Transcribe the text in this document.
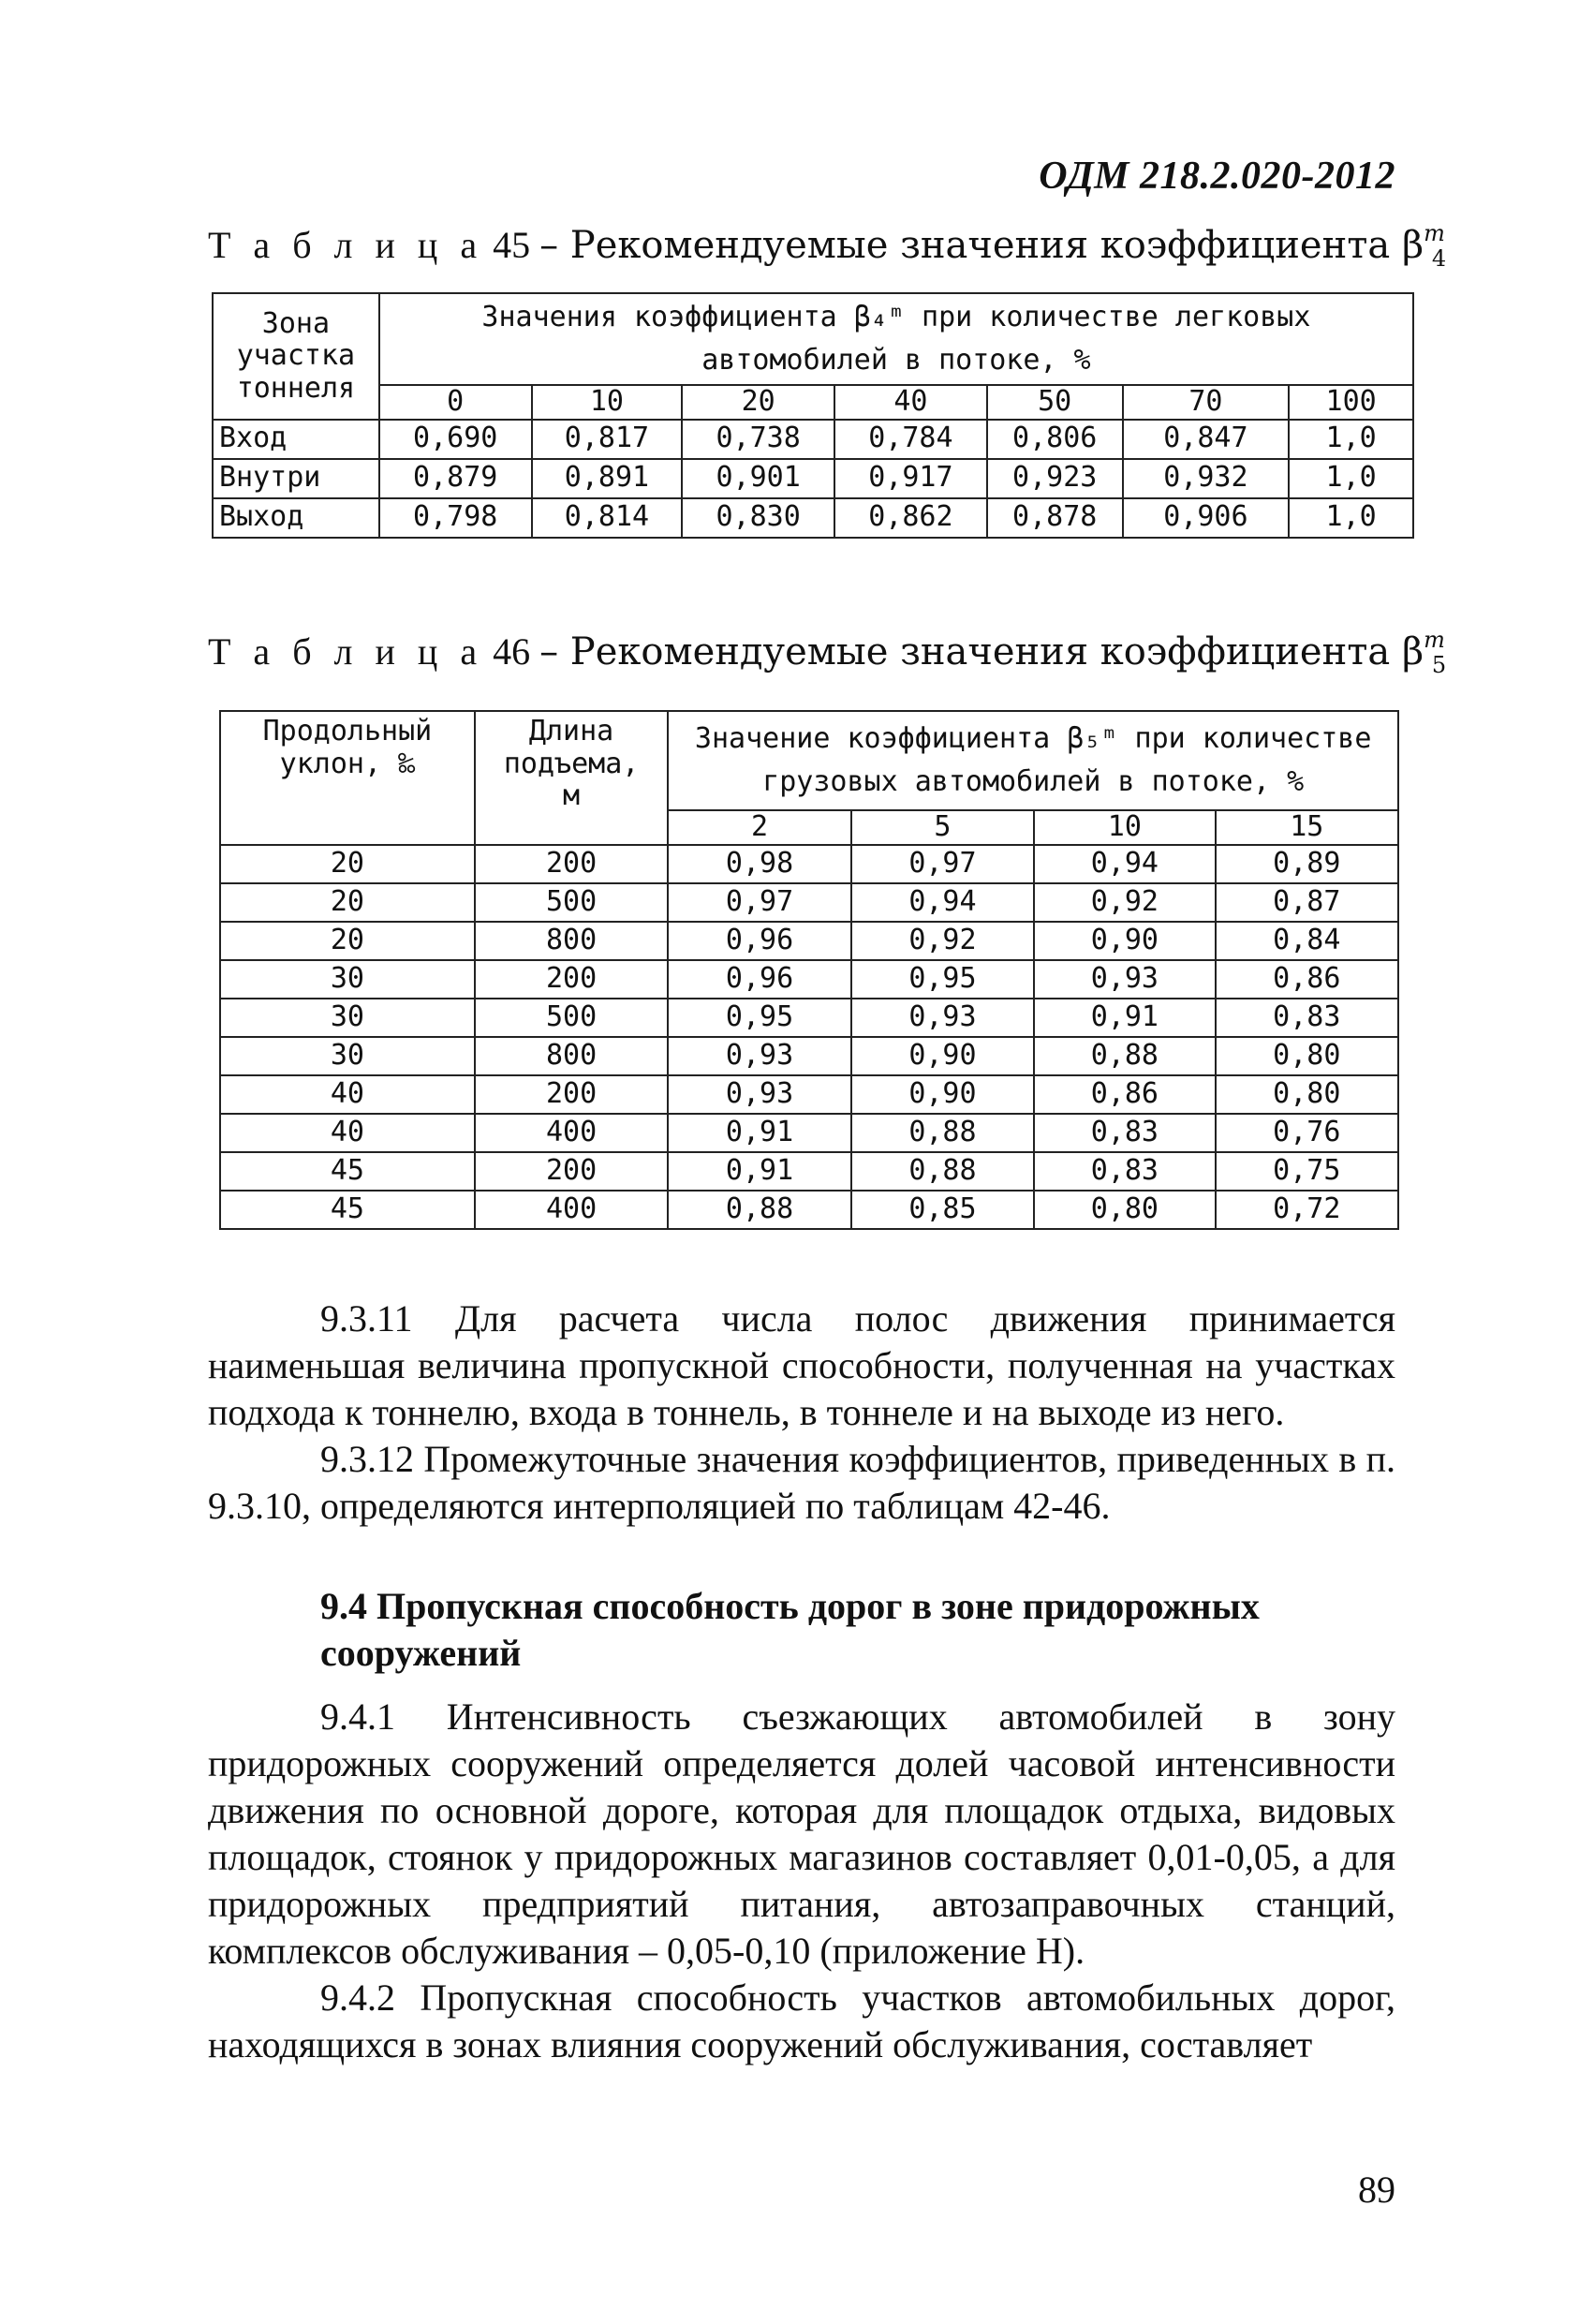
ОДМ 218.2.020-2012
Т а б л и ц а 45 – Рекомендуемые значения коэффициента $\beta^m_4$
Зона участка тоннеля	Значения коэффициента β₄ᵐ при количестве легковых автомобилей в потоке, %						
	0	10	20	40	50	70	100
Вход	0,690	0,817	0,738	0,784	0,806	0,847	1,0
Внутри	0,879	0,891	0,901	0,917	0,923	0,932	1,0
Выход	0,798	0,814	0,830	0,862	0,878	0,906	1,0
Т а б л и ц а 46 – Рекомендуемые значения коэффициента $\beta^m_5$
Продольный уклон, ‰	Длина подъема, м	Значение коэффициента β₅ᵐ при количестве грузовых автомобилей в потоке, %			
		2	5	10	15
20	200	0,98	0,97	0,94	0,89
20	500	0,97	0,94	0,92	0,87
20	800	0,96	0,92	0,90	0,84
30	200	0,96	0,95	0,93	0,86
30	500	0,95	0,93	0,91	0,83
30	800	0,93	0,90	0,88	0,80
40	200	0,93	0,90	0,86	0,80
40	400	0,91	0,88	0,83	0,76
45	200	0,91	0,88	0,83	0,75
45	400	0,88	0,85	0,80	0,72

9.3.11 Для расчета числа полос движения принимается наименьшая величина пропускной способности, полученная на участках подхода к тоннелю, входа в тоннель, в тоннеле и на выходе из него.

9.3.12 Промежуточные значения коэффициентов, приведенных в п. 9.3.10, определяются интерполяцией по таблицам 42-46.

9.4 Пропускная способность дорог в зоне придорожных сооружений

9.4.1 Интенсивность съезжающих автомобилей в зону придорожных сооружений определяется долей часовой интенсивности движения по основной дороге, которая для площадок отдыха, видовых площадок, стоянок у придорожных магазинов составляет 0,01-0,05, а для придорожных предприятий питания, автозаправочных станций, комплексов обслуживания – 0,05-0,10 (приложение Н).

9.4.2 Пропускная способность участков автомобильных дорог, находящихся в зонах влияния сооружений обслуживания, составляет

89
